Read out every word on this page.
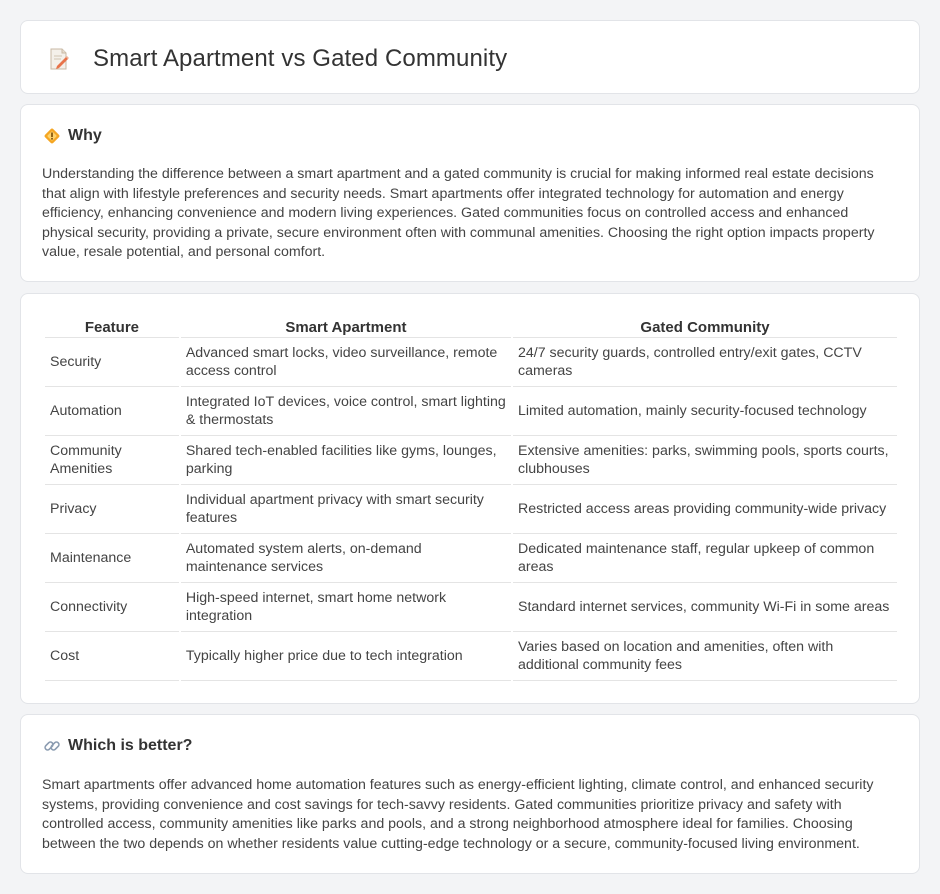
Smart Apartment vs Gated Community
Why

Understanding the difference between a smart apartment and a gated community is crucial for making informed real estate decisions that align with lifestyle preferences and security needs. Smart apartments offer integrated technology for automation and energy efficiency, enhancing convenience and modern living experiences. Gated communities focus on controlled access and enhanced physical security, providing a private, secure environment often with communal amenities. Choosing the right option impacts property value, resale potential, and personal comfort.

Feature	Smart Apartment	Gated Community
Security	Advanced smart locks, video surveillance, remote access control	24/7 security guards, controlled entry/exit gates, CCTV cameras
Automation	Integrated IoT devices, voice control, smart lighting & thermostats	Limited automation, mainly security-focused technology
Community Amenities	Shared tech-enabled facilities like gyms, lounges, parking	Extensive amenities: parks, swimming pools, sports courts, clubhouses
Privacy	Individual apartment privacy with smart security features	Restricted access areas providing community-wide privacy
Maintenance	Automated system alerts, on-demand maintenance services	Dedicated maintenance staff, regular upkeep of common areas
Connectivity	High-speed internet, smart home network integration	Standard internet services, community Wi-Fi in some areas
Cost	Typically higher price due to tech integration	Varies based on location and amenities, often with additional community fees
Which is better?

Smart apartments offer advanced home automation features such as energy-efficient lighting, climate control, and enhanced security systems, providing convenience and cost savings for tech-savvy residents. Gated communities prioritize privacy and safety with controlled access, community amenities like parks and pools, and a strong neighborhood atmosphere ideal for families. Choosing between the two depends on whether residents value cutting-edge technology or a secure, community-focused living environment.
